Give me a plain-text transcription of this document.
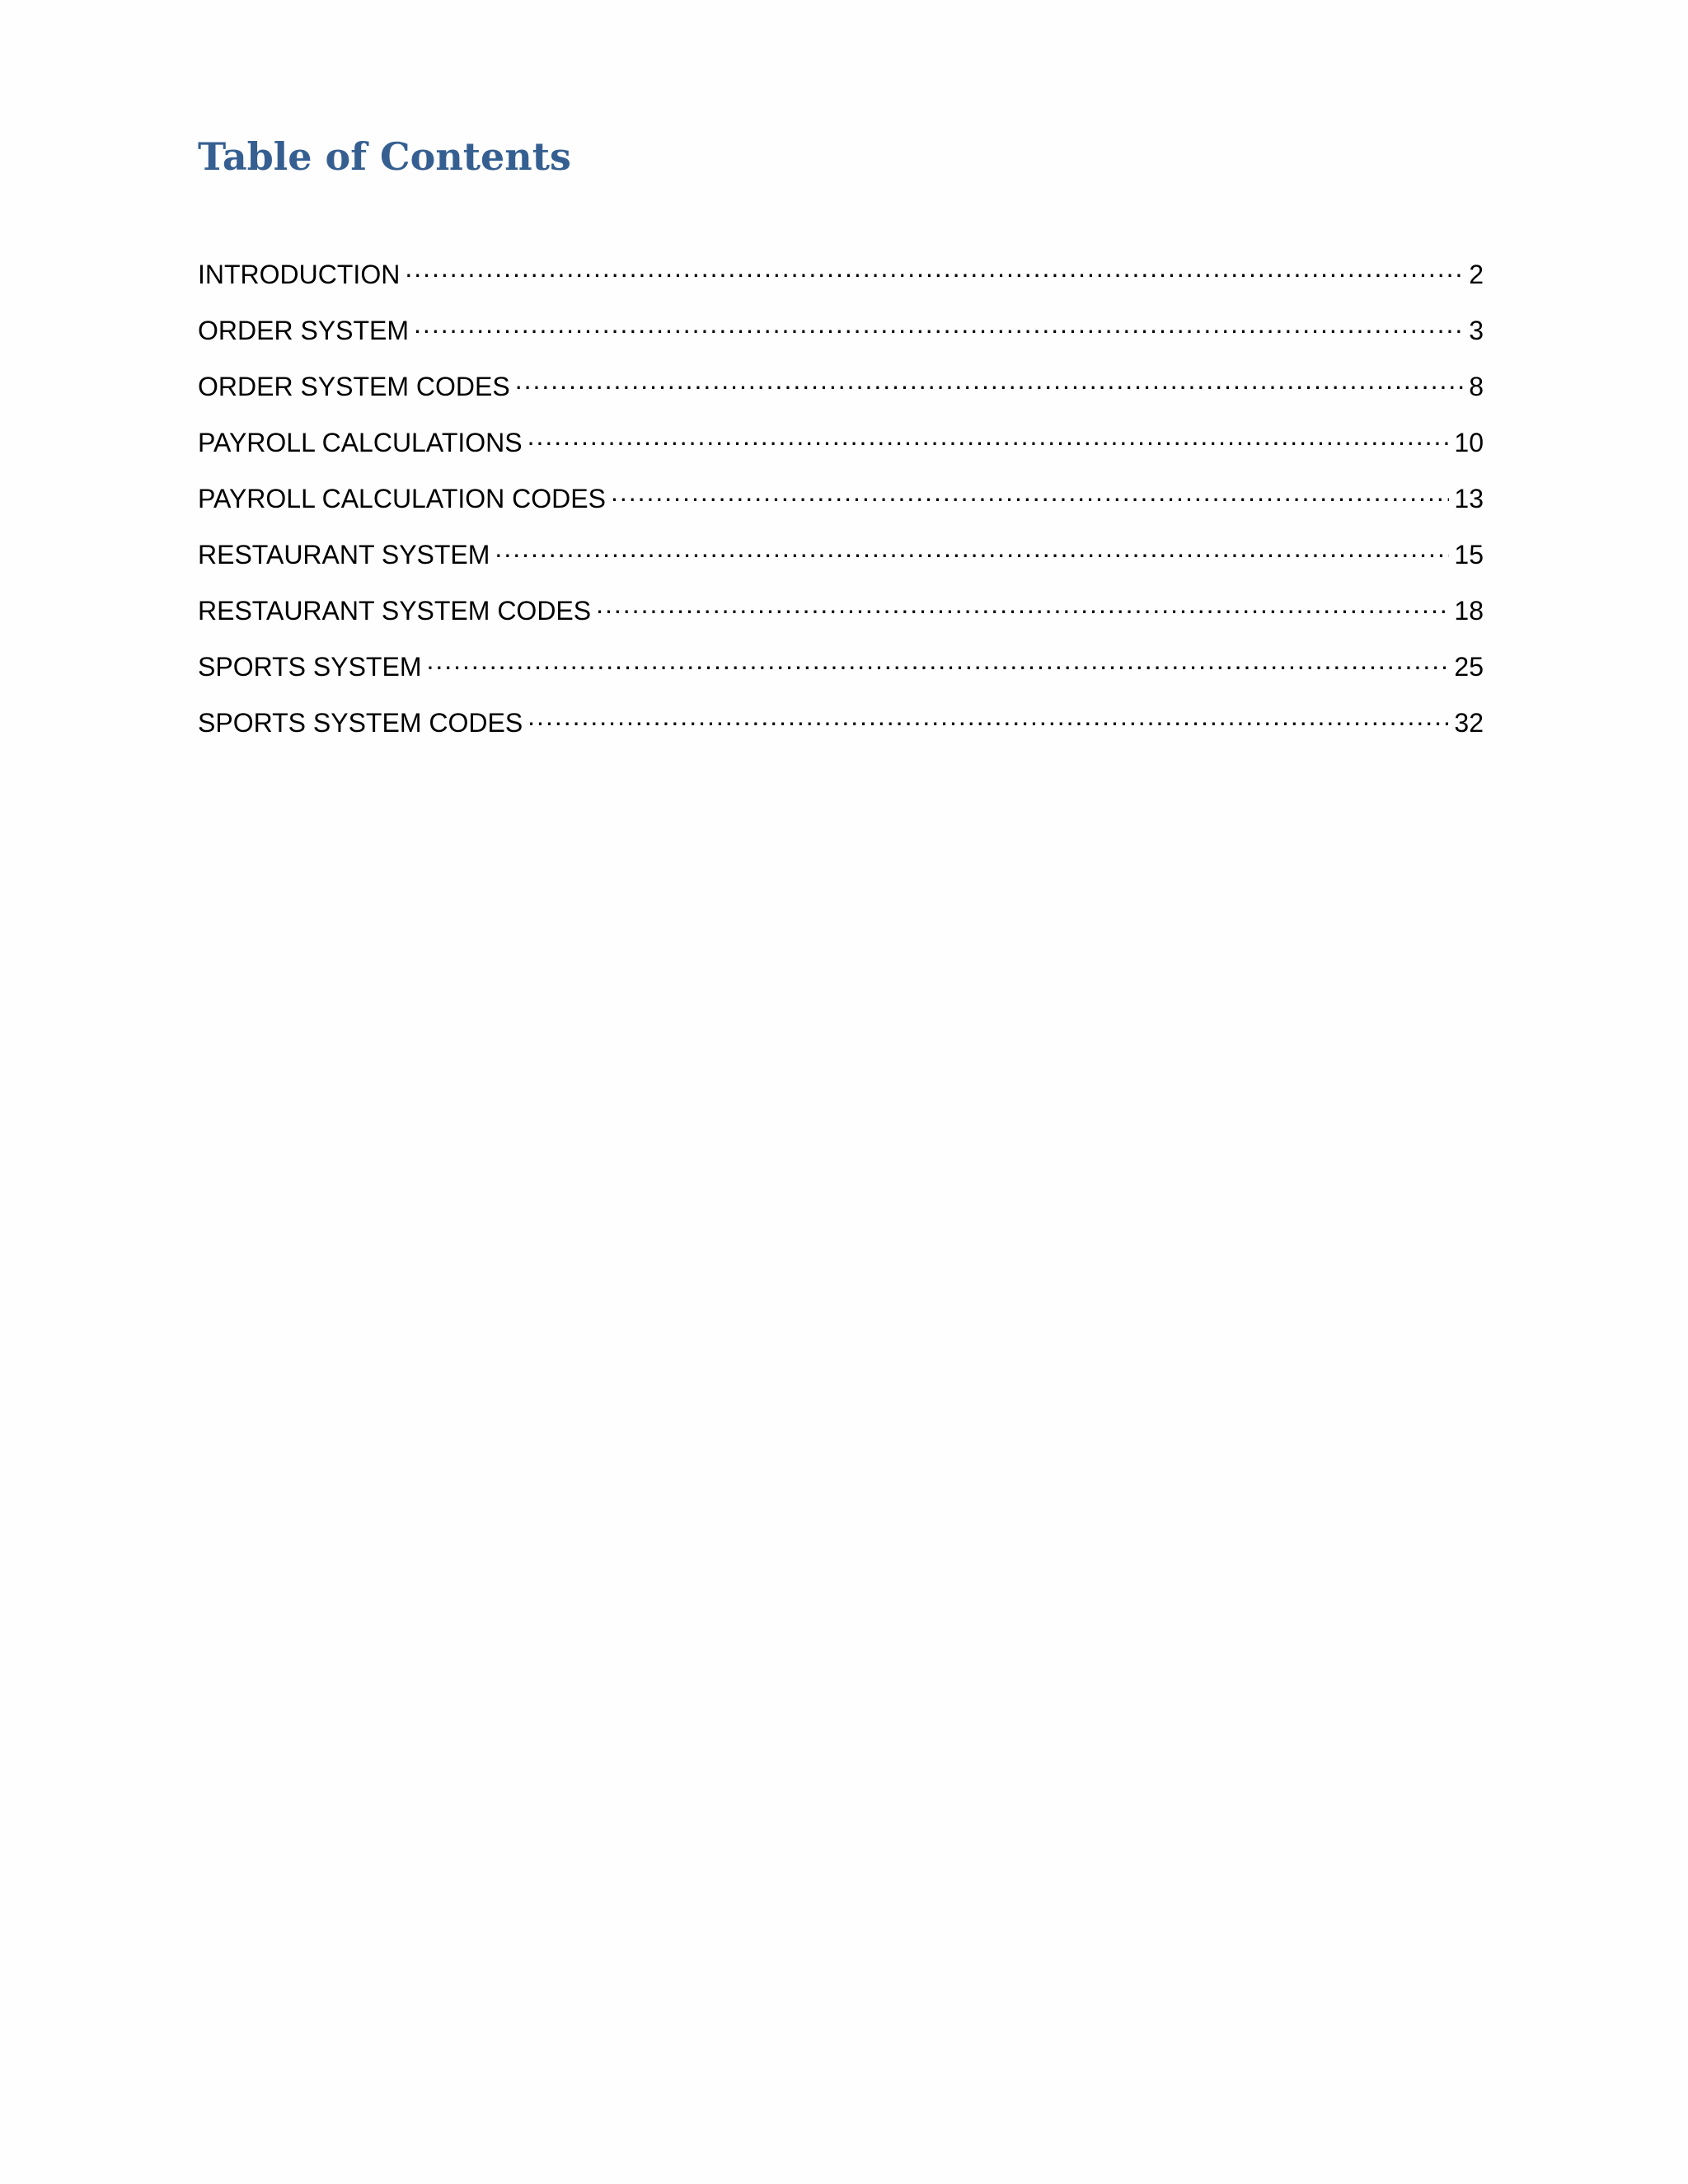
Table of Contents
INTRODUCTION .....	2
ORDER SYSTEM .....	3
ORDER SYSTEM CODES .....	8
PAYROLL CALCULATIONS .....	10
PAYROLL CALCULATION CODES .....	13
RESTAURANT SYSTEM .....	15
RESTAURANT SYSTEM CODES .....	18
SPORTS SYSTEM .....	25
SPORTS SYSTEM CODES .....	32
